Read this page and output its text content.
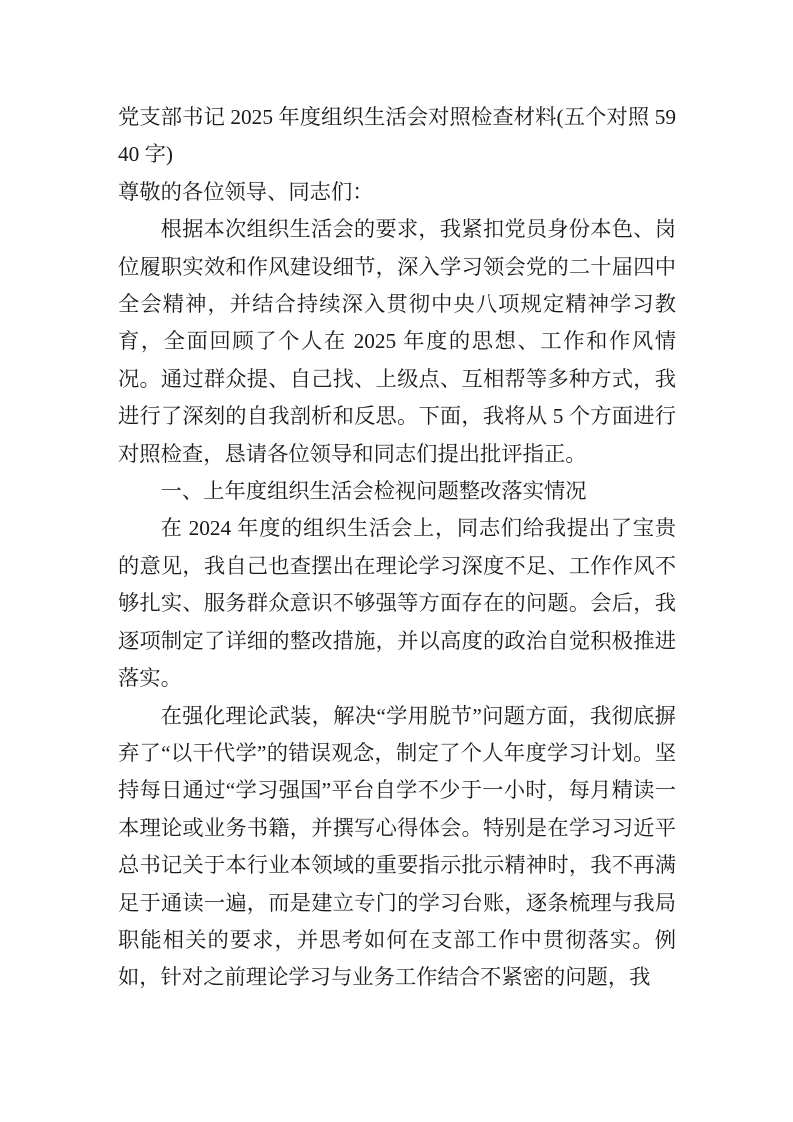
党支部书记 2025 年度组织生活会对照检查材料(五个对照 5940 字)

尊敬的各位领导、同志们：

根据本次组织生活会的要求，我紧扣党员身份本色、岗位履职实效和作风建设细节，深入学习领会党的二十届四中全会精神，并结合持续深入贯彻中央八项规定精神学习教育，全面回顾了个人在 2025 年度的思想、工作和作风情况。通过群众提、自己找、上级点、互相帮等多种方式，我进行了深刻的自我剖析和反思。下面，我将从 5 个方面进行对照检查，恳请各位领导和同志们提出批评指正。

一、上年度组织生活会检视问题整改落实情况

在 2024 年度的组织生活会上，同志们给我提出了宝贵的意见，我自己也查摆出在理论学习深度不足、工作作风不够扎实、服务群众意识不够强等方面存在的问题。会后，我逐项制定了详细的整改措施，并以高度的政治自觉积极推进落实。

在强化理论武装，解决“学用脱节”问题方面，我彻底摒弃了“以干代学”的错误观念，制定了个人年度学习计划。坚持每日通过“学习强国”平台自学不少于一小时，每月精读一本理论或业务书籍，并撰写心得体会。特别是在学习习近平总书记关于本行业本领域的重要指示批示精神时，我不再满足于通读一遍，而是建立专门的学习台账，逐条梳理与我局职能相关的要求，并思考如何在支部工作中贯彻落实。例如，针对之前理论学习与业务工作结合不紧密的问题，我
